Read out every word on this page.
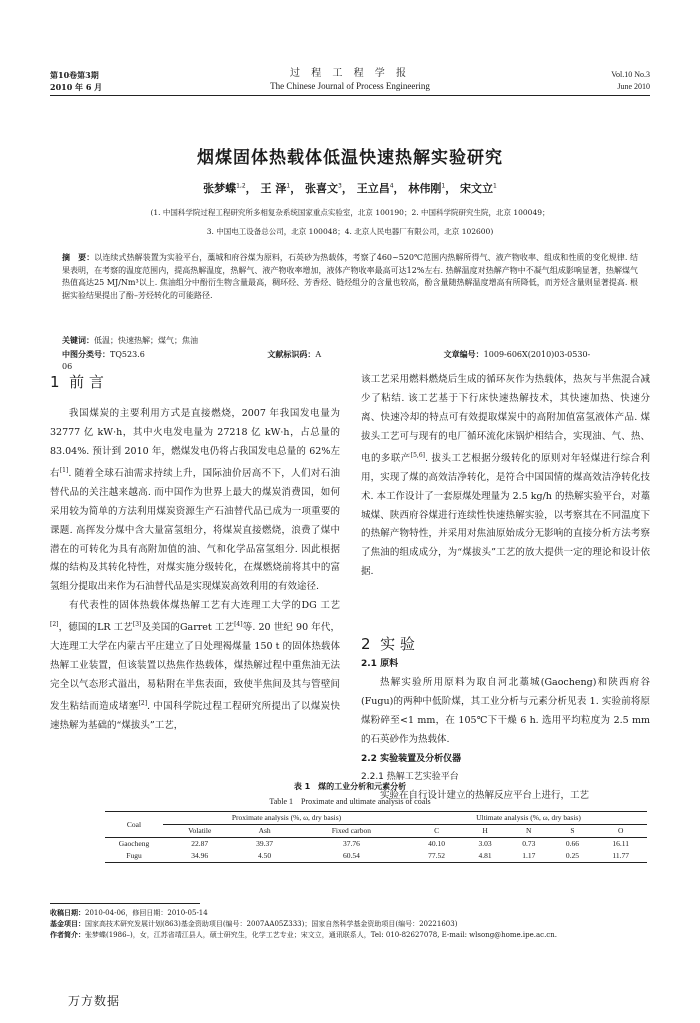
第10卷第3期
2010 年 6 月
过 程 工 程 学 报
The Chinese Journal of Process Engineering
Vol.10 No.3
June 2010
烟煤固体热载体低温快速热解实验研究
张梦蝶$^{1,2}$， 王 泽$^1$， 张喜文$^3$， 王立昌$^4$， 林伟刚$^1$， 宋文立$^1$
(1. 中国科学院过程工程研究所多相复杂系统国家重点实验室，北京 100190；2. 中国科学院研究生院，北京 100049；
3. 中国电工设备总公司，北京 100048；4. 北京人民电器厂有限公司，北京 102600)
摘　要：以连续式热解装置为实验平台，藁城和府谷煤为原料，石英砂为热载体，考察了460~520℃范围内热解所得气、液产物收率、组成和性质的变化规律. 结果表明，在考察的温度范围内，提高热解温度，热解气、液产物收率增加，液体产物收率最高可达12%左右. 热解温度对热解产物中不凝气组成影响显著，热解煤气热值高达25 MJ/Nm³以上. 焦油组分中酚衍生物含量最高，稠环烃、芳香烃、链烃组分的含量也较高，酚含量随热解温度增高有所降低，而芳烃含量则显著提高. 根据实验结果提出了酚–芳烃转化的可能路径.
关键词：低温；快速热解；煤气；焦油
中图分类号：TQ523.6	文献标识码：A	文章编号：1009-606X(2010)03-0530-06
1 前 言

我国煤炭的主要利用方式是直接燃烧，2007 年我国发电量为 32777 亿 kW·h，其中火电发电量为 27218 亿 kW·h，占总量的 83.04%. 预计到 2010 年，燃煤发电仍将占我国发电总量的 62%左右[1]. 随着全球石油需求持续上升，国际油价居高不下，人们对石油替代品的关注越来越高. 而中国作为世界上最大的煤炭消费国，如何采用较为简单的方法利用煤炭资源生产石油替代品已成为一项重要的课题. 高挥发分煤中含大量富氢组分，将煤炭直接燃烧，浪费了煤中潜在的可转化为具有高附加值的油、气和化学品富氢组分. 因此根据煤的结构及其转化特性，对煤实施分级转化，在煤燃烧前将其中的富氢组分提取出来作为石油替代品是实现煤炭高效利用的有效途径.

有代表性的固体热载体煤热解工艺有大连理工大学的DG 工艺[2]，德国的LR 工艺[3]及美国的Garret 工艺[4]等. 20 世纪 90 年代，大连理工大学在内蒙古平庄建立了日处理褐煤量 150 t 的固体热载体热解工业装置，但该装置以热焦作热载体，煤热解过程中重焦油无法完全以气态形式溢出，易粘附在半焦表面，致使半焦间及其与管壁间发生粘结而造成堵塞[2]. 中国科学院过程工程研究所提出了以煤炭快速热解为基础的“煤拔头”工艺，

该工艺采用燃料燃烧后生成的循环灰作为热载体，热灰与半焦混合减少了粘结. 该工艺基于下行床快速热解技术，其快速加热、快速分离、快速冷却的特点可有效提取煤炭中的高附加值富氢液体产品. 煤拔头工艺可与现有的电厂循环流化床锅炉相结合，实现油、气、热、电的多联产[5,6]. 拔头工艺根据分级转化的原则对年轻煤进行综合利用，实现了煤的高效洁净转化，是符合中国国情的煤高效洁净转化技术. 本工作设计了一套原煤处理量为 2.5 kg/h 的热解实验平台，对藁城煤、陕西府谷煤进行连续性快速热解实验，以考察其在不同温度下的热解产物特性，并采用对焦油原始成分无影响的直接分析方法考察了焦油的组成成分，为“煤拔头”工艺的放大提供一定的理论和设计依据.

2 实 验
2.1 原料

热解实验所用原料为取自河北藁城(Gaocheng)和陕西府谷(Fugu)的两种中低阶煤，其工业分析与元素分析见表 1. 实验前将原煤粉碎至<1 mm，在 105℃下干燥 6 h. 选用平均粒度为 2.5 mm 的石英砂作为热载体.

2.2 实验装置及分析仪器
2.2.1 热解工艺实验平台

实验在自行设计建立的热解反应平台上进行，工艺

表 1　煤的工业分析和元素分析
Table 1　Proximate and ultimate analysis of coals
Coal	Proximate analysis (%, ω, dry basis)			Ultimate analysis (%, ω, dry basis)				
	Volatile	Ash	Fixed carbon	C	H	N	S	O
Gaocheng	22.87	39.37	37.76	40.10	3.03	0.73	0.66	16.11
Fugu	34.96	4.50	60.54	77.52	4.81	1.17	0.25	11.77
收稿日期：2010-04-06，修回日期：2010-05-14
基金项目：国家高技术研究发展计划(863)基金资助项目(编号：2007AA05Z333)；国家自然科学基金资助项目(编号：20221603)
作者简介：张梦蝶(1986–)，女，江苏省靖江县人，硕士研究生，化学工艺专业；宋文立，通讯联系人，Tel: 010-82627078, E-mail: wlsong@home.ipe.ac.cn.
万方数据
